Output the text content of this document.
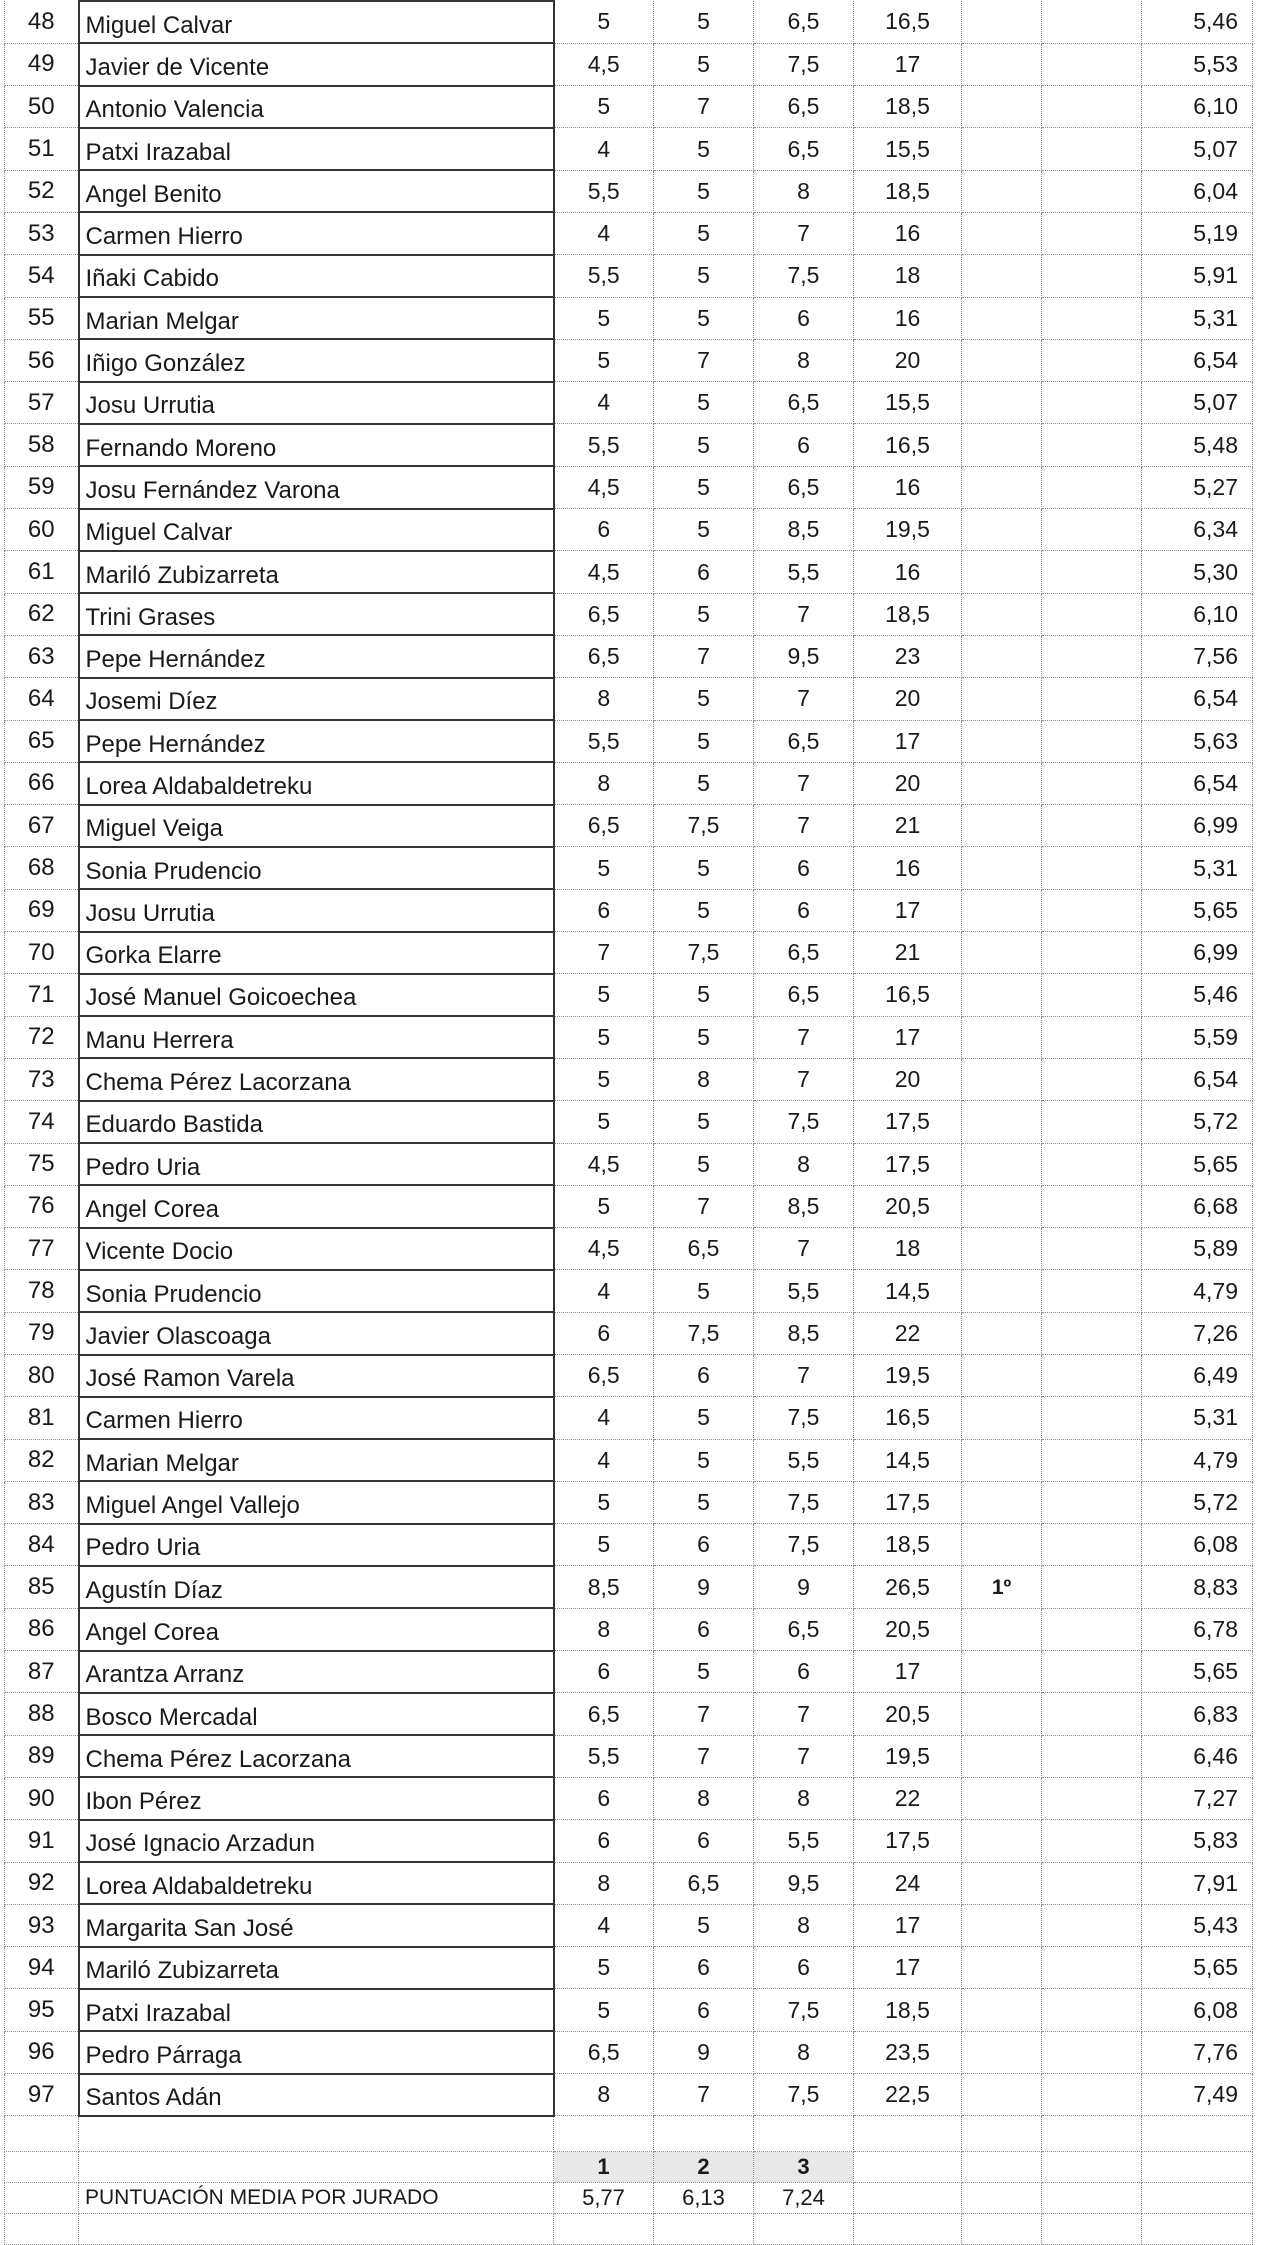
48	Miguel Calvar	5	5	6,5	16,5			5,46
49	Javier de Vicente	4,5	5	7,5	17			5,53
50	Antonio Valencia	5	7	6,5	18,5			6,10
51	Patxi Irazabal	4	5	6,5	15,5			5,07
52	Angel Benito	5,5	5	8	18,5			6,04
53	Carmen Hierro	4	5	7	16			5,19
54	Iñaki Cabido	5,5	5	7,5	18			5,91
55	Marian Melgar	5	5	6	16			5,31
56	Iñigo González	5	7	8	20			6,54
57	Josu Urrutia	4	5	6,5	15,5			5,07
58	Fernando Moreno	5,5	5	6	16,5			5,48
59	Josu Fernández Varona	4,5	5	6,5	16			5,27
60	Miguel Calvar	6	5	8,5	19,5			6,34
61	Mariló Zubizarreta	4,5	6	5,5	16			5,30
62	Trini Grases	6,5	5	7	18,5			6,10
63	Pepe Hernández	6,5	7	9,5	23			7,56
64	Josemi Díez	8	5	7	20			6,54
65	Pepe Hernández	5,5	5	6,5	17			5,63
66	Lorea Aldabaldetreku	8	5	7	20			6,54
67	Miguel Veiga	6,5	7,5	7	21			6,99
68	Sonia Prudencio	5	5	6	16			5,31
69	Josu Urrutia	6	5	6	17			5,65
70	Gorka Elarre	7	7,5	6,5	21			6,99
71	José Manuel Goicoechea	5	5	6,5	16,5			5,46
72	Manu Herrera	5	5	7	17			5,59
73	Chema Pérez Lacorzana	5	8	7	20			6,54
74	Eduardo Bastida	5	5	7,5	17,5			5,72
75	Pedro Uria	4,5	5	8	17,5			5,65
76	Angel Corea	5	7	8,5	20,5			6,68
77	Vicente Docio	4,5	6,5	7	18			5,89
78	Sonia Prudencio	4	5	5,5	14,5			4,79
79	Javier Olascoaga	6	7,5	8,5	22			7,26
80	José Ramon Varela	6,5	6	7	19,5			6,49
81	Carmen Hierro	4	5	7,5	16,5			5,31
82	Marian Melgar	4	5	5,5	14,5			4,79
83	Miguel Angel Vallejo	5	5	7,5	17,5			5,72
84	Pedro Uria	5	6	7,5	18,5			6,08
85	Agustín Díaz	8,5	9	9	26,5	1º		8,83
86	Angel Corea	8	6	6,5	20,5			6,78
87	Arantza Arranz	6	5	6	17			5,65
88	Bosco Mercadal	6,5	7	7	20,5			6,83
89	Chema Pérez Lacorzana	5,5	7	7	19,5			6,46
90	Ibon Pérez	6	8	8	22			7,27
91	José Ignacio Arzadun	6	6	5,5	17,5			5,83
92	Lorea Aldabaldetreku	8	6,5	9,5	24			7,91
93	Margarita San José	4	5	8	17			5,43
94	Mariló Zubizarreta	5	6	6	17			5,65
95	Patxi Irazabal	5	6	7,5	18,5			6,08
96	Pedro Párraga	6,5	9	8	23,5			7,76
97	Santos Adán	8	7	7,5	22,5			7,49

		1	2	3				
	PUNTUACIÓN MEDIA POR JURADO	5,77	6,13	7,24				
